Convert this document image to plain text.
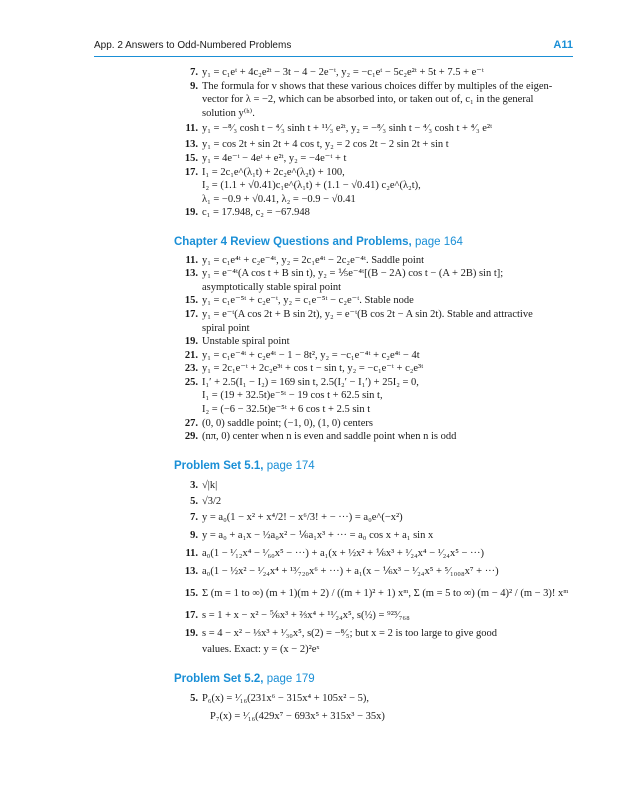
App. 2 Answers to Odd-Numbered Problems	A11
7. y₁ = c₁eᵗ + 4c₂e²ᵗ − 3t − 4 − 2e⁻ᵗ, y₂ = −c₁eᵗ − 5c₂e²ᵗ + 5t + 7.5 + e⁻ᵗ
9. The formula for v shows that these various choices differ by multiples of the eigen-
vector for λ = −2, which can be absorbed into, or taken out of, c₁ in the general
solution y⁽ʰ⁾.
11. y₁ = −⁸⁄₃ cosh t − ⁴⁄₃ sinh t + ¹¹⁄₃ e²ᵗ, y₂ = −⁸⁄₃ sinh t − ⁴⁄₃ cosh t + ⁴⁄₃ e²ᵗ
13. y₁ = cos 2t + sin 2t + 4 cos t, y₂ = 2 cos 2t − 2 sin 2t + sin t
15. y₁ = 4e⁻ᵗ − 4eᵗ + e²ᵗ, y₂ = −4e⁻ᵗ + t
17. I₁ = 2c₁e^(λ₁t) + 2c₂e^(λ₂t) + 100,
I₂ = (1.1 + √0.41)c₁e^(λ₁t) + (1.1 − √0.41) c₂e^(λ₂t),
λ₁ = −0.9 + √0.41, λ₂ = −0.9 − √0.41
19. c₁ = 17.948, c₂ = −67.948
Chapter 4 Review Questions and Problems, page 164
11. y₁ = c₁e⁴ᵗ + c₂e⁻⁴ᵗ, y₂ = 2c₁e⁴ᵗ − 2c₂e⁻⁴ᵗ. Saddle point
13. y₁ = e⁻⁴ᵗ(A cos t + B sin t), y₂ = ⅕e⁻⁴ᵗ[(B − 2A) cos t − (A + 2B) sin t];
asymptotically stable spiral point
15. y₁ = c₁e⁻⁵ᵗ + c₂e⁻ᵗ, y₂ = c₁e⁻⁵ᵗ − c₂e⁻ᵗ. Stable node
17. y₁ = e⁻ᵗ(A cos 2t + B sin 2t), y₂ = e⁻ᵗ(B cos 2t − A sin 2t). Stable and attractive
spiral point
19. Unstable spiral point
21. y₁ = c₁e⁻⁴ᵗ + c₂e⁴ᵗ − 1 − 8t², y₂ = −c₁e⁻⁴ᵗ + c₂e⁴ᵗ − 4t
23. y₁ = 2c₁e⁻ᵗ + 2c₂e³ᵗ + cos t − sin t, y₂ = −c₁e⁻ᵗ + c₂e³ᵗ
25. I₁′ + 2.5(I₁ − I₂) = 169 sin t, 2.5(I₂′ − I₁′) + 25I₂ = 0,
I₁ = (19 + 32.5t)e⁻⁵ᵗ − 19 cos t + 62.5 sin t,
I₂ = (−6 − 32.5t)e⁻⁵ᵗ + 6 cos t + 2.5 sin t
27. (0, 0) saddle point; (−1, 0), (1, 0) centers
29. (nπ, 0) center when n is even and saddle point when n is odd
Problem Set 5.1, page 174
3. √|k|
5. √3/2
7. y = a₀(1 − x² + x⁴/2! − x⁶/3! + − ···) = a₀e^(−x²)
9. y = a₀ + a₁x − ½a₀x² − ⅙a₁x³ + ··· = a₀ cos x + a₁ sin x
11. a₀(1 − ¹⁄₁₂x⁴ − ¹⁄₆₀x⁵ − ···) + a₁(x + ½x² + ⅙x³ + ¹⁄₂₄x⁴ − ¹⁄₂₄x⁵ − ···)
13. a₀(1 − ½x² − ¹⁄₂₄x⁴ + ¹³⁄₇₂₀x⁶ + ···) + a₁(x − ⅙x³ − ¹⁄₂₄x⁵ + ⁵⁄₁₀₀₈x⁷ + ···)
15. Σ (m = 1 to ∞) (m + 1)(m + 2) / ((m + 1)² + 1) xᵐ, Σ (m = 5 to ∞) (m − 4)² / (m − 3)! xᵐ
17. s = 1 + x − x² − ⅚x³ + ⅔x⁴ + ¹¹⁄₂₄x⁵, s(½) = ⁹²³⁄₇₆₈
19. s = 4 − x² − ⅓x³ + ¹⁄₃₀x⁵, s(2) = −⁸⁄₅; but x = 2 is too large to give good
values. Exact: y = (x − 2)²eˣ
Problem Set 5.2, page 179
5. P₆(x) = ¹⁄₁₆(231x⁶ − 315x⁴ + 105x² − 5),
P₇(x) = ¹⁄₁₆(429x⁷ − 693x⁵ + 315x³ − 35x)
